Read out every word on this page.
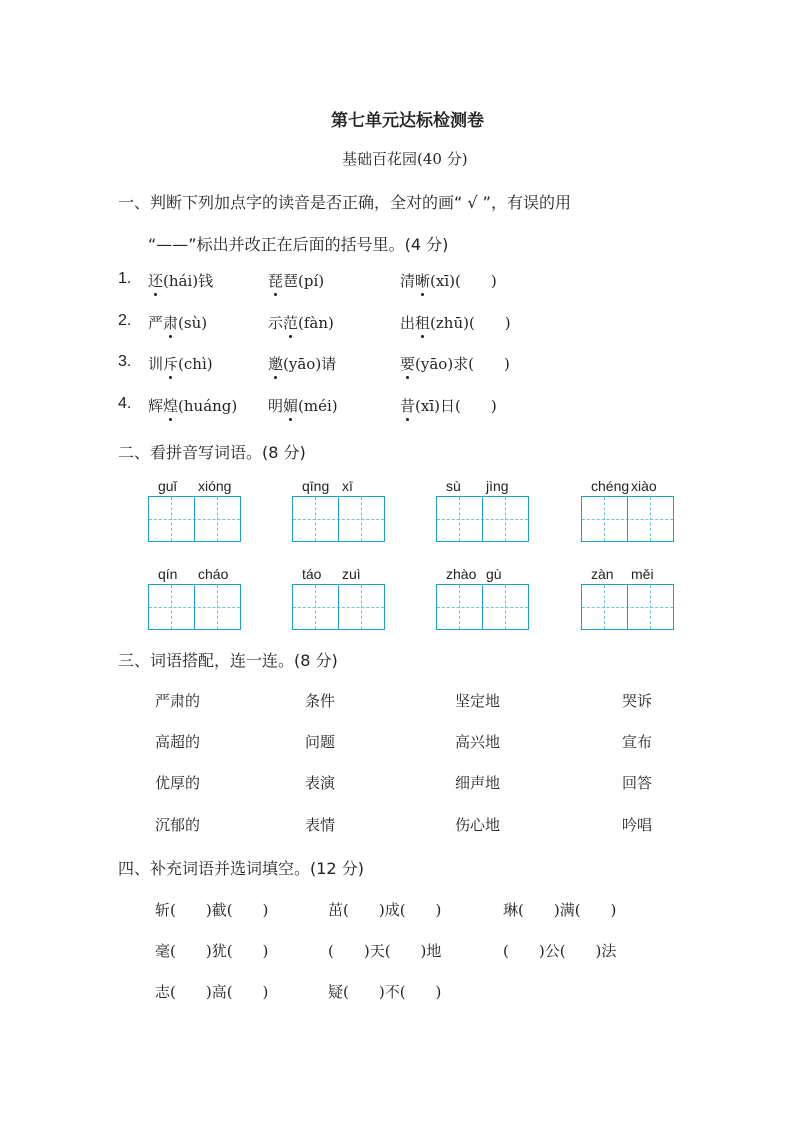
第七单元达标检测卷
基础百花园(40 分)
一、判断下列加点字的读音是否正确，全对的画“ √ ”，有误的用
“——”标出并改正在后面的括号里。(4 分)
1. 还(hái)钱	琵琶(pí)	清晰(xī)(　　)
2. 严肃(sù)	示范(fàn)	出租(zhū)(　　)
3. 训斥(chì)	邀(yāo)请	要(yāo)求(　　)
4. 辉煌(huáng) 明媚(méi)	昔(xī)日(　　)
二、看拼音写词语。(8 分)
guǐ xióng	qīng xī	sù jìng	chéng xiào
qín cháo	táo zuì	zhào gù	zàn měi
三、词语搭配，连一连。(8 分)
严肃的	条件	坚定地	哭诉
高超的	问题	高兴地	宣布
优厚的	表演	细声地	回答
沉郁的	表情	伤心地	吟唱
四、补充词语并选词填空。(12 分)
斩(　　)截(　　)	茁(　　)成(　　)	琳(　　)满(　　)
毫(　　)犹(　　)	(　　)天(　　)地	(　　)公(　　)法
志(　　)高(　　)	疑(　　)不(　　)
